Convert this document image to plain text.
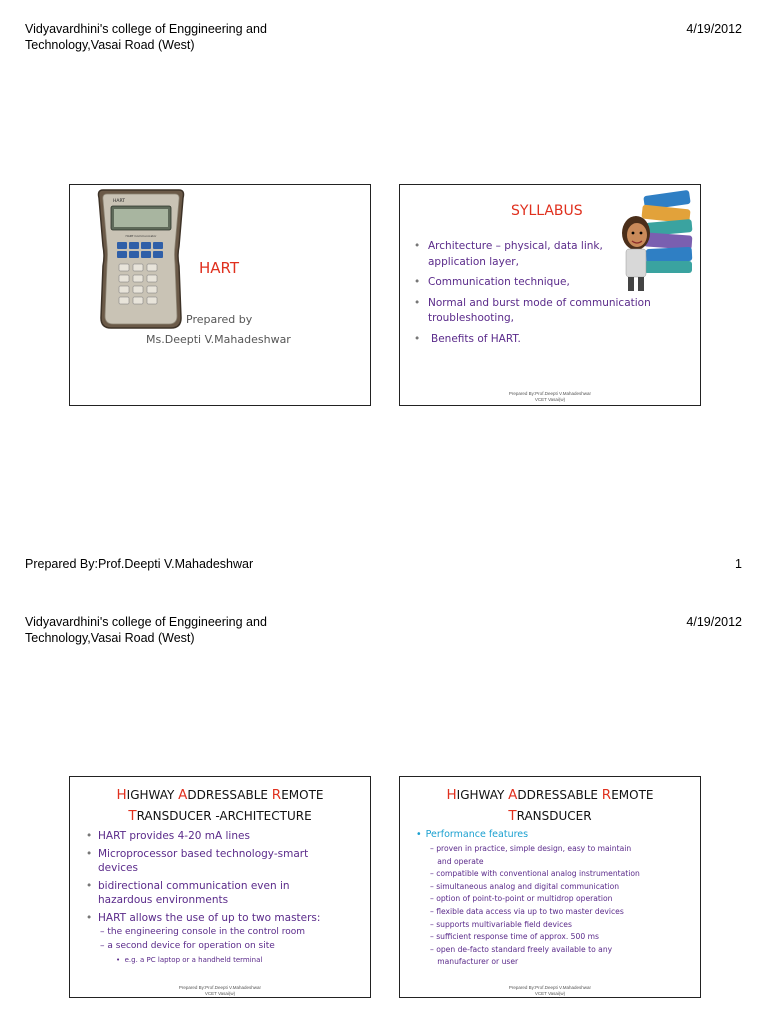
Vidyavardhini's college of Enggineering and
Technology,Vasai Road (West)
4/19/2012
HART
HART Communicator
HART
Prepared by
Ms.Deepti V.Mahadeshwar
SYLLABUS
• Architecture – physical, data link,
application layer,
• Communication technique,
• Normal and burst mode of communication
troubleshooting,
• Benefits of HART.
Prepared By:Prof.Deepti V.Mahadeshwar
VCET Vasai(w)
Prepared By:Prof.Deepti V.Mahadeshwar	1
Vidyavardhini's college of Enggineering and
Technology,Vasai Road (West)
4/19/2012
HIGHWAY ADDRESSABLE REMOTE
TRANSDUCER -ARCHITECTURE
• HART provides 4-20 mA lines
• Microprocessor based technology-smart
devices
• bidirectional communication even in
hazardous environments
• HART allows the use of up to two masters:
– the engineering console in the control room
– a second device for operation on site
•  e.g. a PC laptop or a handheld terminal
Prepared By:Prof.Deepti V.Mahadeshwar
VCET Vasai(w)
HIGHWAY ADDRESSABLE REMOTE
TRANSDUCER
• Performance features
– proven in practice, simple design, easy to maintain
and operate
– compatible with conventional analog instrumentation
– simultaneous analog and digital communication
– option of point-to-point or multidrop operation
– flexible data access via up to two master devices
– supports multivariable field devices
– sufficient response time of approx. 500 ms
– open de-facto standard freely available to any
manufacturer or user
Prepared By:Prof.Deepti V.Mahadeshwar
VCET Vasai(w)
